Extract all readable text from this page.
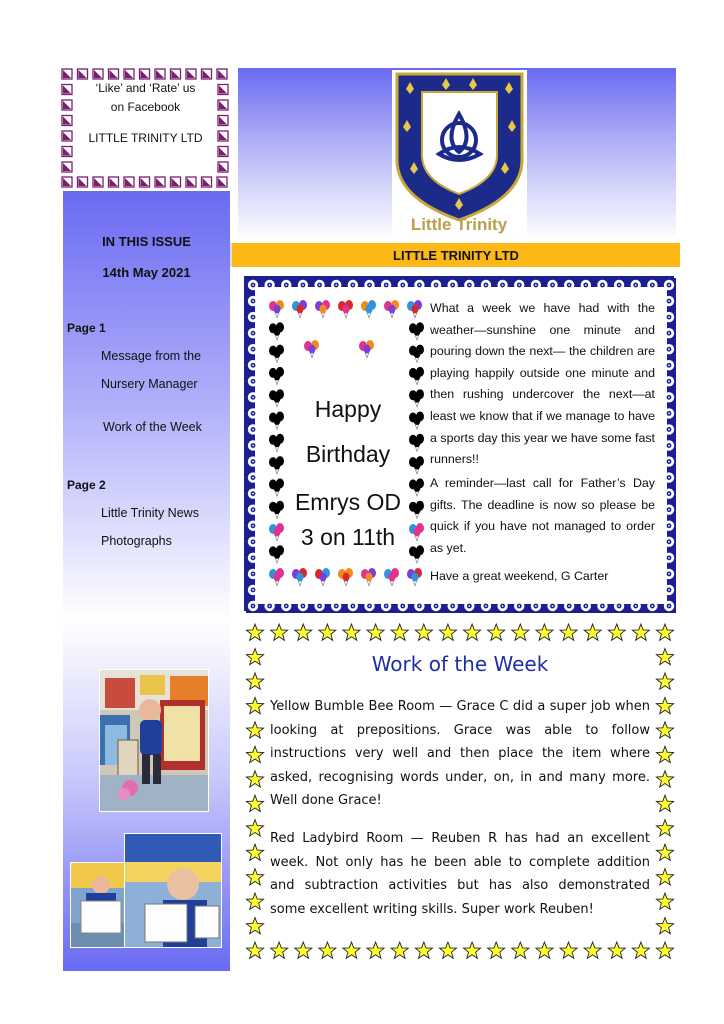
‘Like’ and ‘Rate’ us
on Facebook
LITTLE TRINITY LTD
IN THIS ISSUE
14th May 2021
Page 1
Message from the
Nursery Manager
Work of the Week
Page 2
Little Trinity News
Photographs
Little Trinity
LITTLE TRINITY LTD
Happy
Birthday
Emrys OD
3 on 11th
What a week we have had with the weather—sunshine one minute and pouring down the next— the children are playing happily outside one minute and then rushing undercover the next—at least we know that if we manage to have a sports day this year we have some fast runners!!
A reminder—last call for Father’s Day gifts. The deadline is now so please be quick if you have not managed to order as yet.
Have a great weekend, G Carter
Work of the Week
Yellow Bumble Bee Room — Grace C did a super job when looking at prepositions. Grace was able to follow instructions very well and then place the item where asked, recognising words under, on, in and many more. Well done Grace!
Red Ladybird Room — Reuben R has had an excellent week. Not only has he been able to complete addition and subtraction activities but has also demonstrated some excellent writing skills. Super work Reuben!
